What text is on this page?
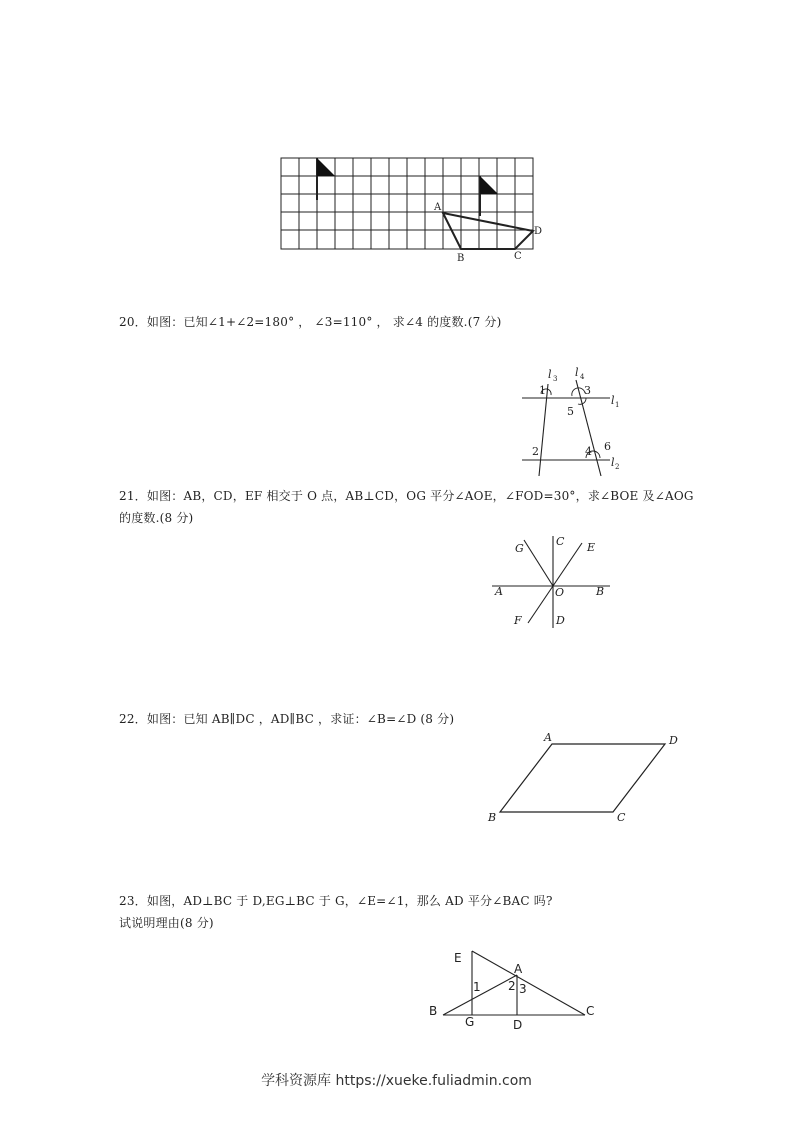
A
B	C
D
20．如图：已知∠1+∠2=180° ， ∠3=110° ， 求∠4 的度数.(7 分)
l 3 l 4
l 1
l 2
1	3
5
2	4 6
21．如图：AB，CD，EF 相交于 O 点，AB⊥CD，OG 平分∠AOE，∠FOD=30°，求∠BOE 及∠AOG
的度数.(8 分)
G
C E
A	O	B
F	D
22．如图：已知 AB∥DC ，AD∥BC ，求证：∠B=∠D (8 分)
A	D
B	C
23．如图，AD⊥BC 于 D,EG⊥BC 于 G，∠E=∠1，那么 AD 平分∠BAC 吗?
试说明理由(8 分)
E
A
1 2 3
B	C
G	D
学科资源库 https://xueke.fuliadmin.com
